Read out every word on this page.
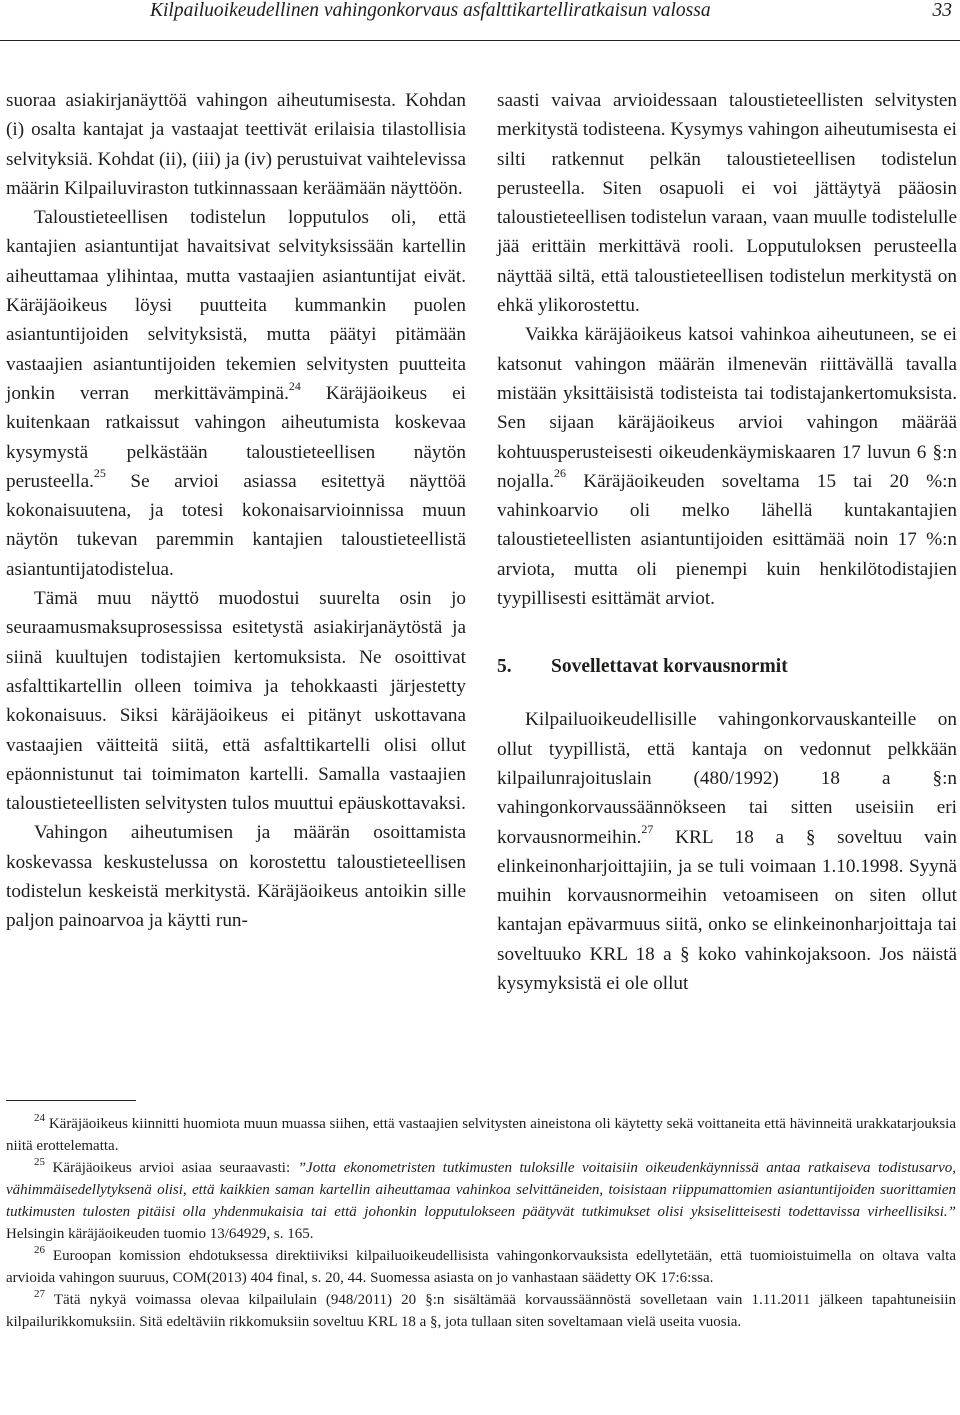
Kilpailuoikeudellinen vahingonkorvaus asfalttikartelliratkaisun valossa	33

suoraa asiakirjanäyttöä vahingon aiheutumisesta. Kohdan (i) osalta kantajat ja vastaajat teettivät erilaisia tilastollisia selvityksiä. Kohdat (ii), (iii) ja (iv) perustuivat vaihtelevissa määrin Kilpailuviraston tutkinnassaan keräämään näyttöön.

Taloustieteellisen todistelun lopputulos oli, että kantajien asiantuntijat havaitsivat selvityksissään kartellin aiheuttamaa ylihintaa, mutta vastaajien asiantuntijat eivät. Käräjäoikeus löysi puutteita kummankin puolen asiantuntijoiden selvityksistä, mutta päätyi pitämään vastaajien asiantuntijoiden tekemien selvitysten puutteita jonkin verran merkittävämpinä.$^{24}$ Käräjäoikeus ei kuitenkaan ratkaissut vahingon aiheutumista koskevaa kysymystä pelkästään taloustieteellisen näytön perusteella.$^{25}$ Se arvioi asiassa esitettyä näyttöä kokonaisuutena, ja totesi kokonaisarvioinnissa muun näytön tukevan paremmin kantajien taloustieteellistä asiantuntijatodistelua.

Tämä muu näyttö muodostui suurelta osin jo seuraamusmaksuprosessissa esitetystä asiakirjanäytöstä ja siinä kuultujen todistajien kertomuksista. Ne osoittivat asfalttikartellin olleen toimiva ja tehokkaasti järjestetty kokonaisuus. Siksi käräjäoikeus ei pitänyt uskottavana vastaajien väitteitä siitä, että asfalttikartelli olisi ollut epäonnistunut tai toimimaton kartelli. Samalla vastaajien taloustieteellisten selvitysten tulos muuttui epäuskottavaksi.

Vahingon aiheutumisen ja määrän osoittamista koskevassa keskustelussa on korostettu taloustieteellisen todistelun keskeistä merkitystä. Käräjäoikeus antoikin sille paljon painoarvoa ja käytti run-

saasti vaivaa arvioidessaan taloustieteellisten selvitysten merkitystä todisteena. Kysymys vahingon aiheutumisesta ei silti ratkennut pelkän taloustieteellisen todistelun perusteella. Siten osapuoli ei voi jättäytyä pääosin taloustieteellisen todistelun varaan, vaan muulle todistelulle jää erittäin merkittävä rooli. Lopputuloksen perusteella näyttää siltä, että taloustieteellisen todistelun merkitystä on ehkä ylikorostettu.

Vaikka käräjäoikeus katsoi vahinkoa aiheutuneen, se ei katsonut vahingon määrän ilmenevän riittävällä tavalla mistään yksittäisistä todisteista tai todistajankertomuksista. Sen sijaan käräjäoikeus arvioi vahingon määrää kohtuusperusteisesti oikeudenkäymiskaaren 17 luvun 6 §:n nojalla.$^{26}$ Käräjäoikeuden soveltama 15 tai 20 %:n vahinkoarvio oli melko lähellä kuntakantajien taloustieteellisten asiantuntijoiden esittämää noin 17 %:n arviota, mutta oli pienempi kuin henkilötodistajien tyypillisesti esittämät arviot.

5. Sovellettavat korvausnormit

Kilpailuoikeudellisille vahingonkorvauskanteille on ollut tyypillistä, että kantaja on vedonnut pelkkään kilpailunrajoituslain (480/1992) 18 a §:n vahingonkorvaussäännökseen tai sitten useisiin eri korvausnormeihin.$^{27}$ KRL 18 a § soveltuu vain elinkeinonharjoittajiin, ja se tuli voimaan 1.10.1998. Syynä muihin korvausnormeihin vetoamiseen on siten ollut kantajan epävarmuus siitä, onko se elinkeinonharjoittaja tai soveltuuko KRL 18 a § koko vahinkojaksoon. Jos näistä kysymyksistä ei ole ollut

$^{24}$ Käräjäoikeus kiinnitti huomiota muun muassa siihen, että vastaajien selvitysten aineistona oli käytetty sekä voittaneita että hävinneitä urakkatarjouksia niitä erottelematta.

$^{25}$ Käräjäoikeus arvioi asiaa seuraavasti: ”Jotta ekonometristen tutkimusten tuloksille voitaisiin oikeudenkäynnissä antaa ratkaiseva todistusarvo, vähimmäisedellytyksenä olisi, että kaikkien saman kartellin aiheuttamaa vahinkoa selvittäneiden, toisistaan riippumattomien asiantuntijoiden suorittamien tutkimusten tulosten pitäisi olla yhdenmukaisia tai että johonkin lopputulokseen päätyvät tutkimukset olisi yksiselitteisesti todettavissa virheellisiksi.” Helsingin käräjäoikeuden tuomio 13/64929, s. 165.

$^{26}$ Euroopan komission ehdotuksessa direktiiviksi kilpailuoikeudellisista vahingonkorvauksista edellytetään, että tuomioistuimella on oltava valta arvioida vahingon suuruus, COM(2013) 404 final, s. 20, 44. Suomessa asiasta on jo vanhastaan säädetty OK 17:6:ssa.

$^{27}$ Tätä nykyä voimassa olevaa kilpailulain (948/2011) 20 §:n sisältämää korvaussäännöstä sovelletaan vain 1.11.2011 jälkeen tapahtuneisiin kilpailurikkomuksiin. Sitä edeltäviin rikkomuksiin soveltuu KRL 18 a §, jota tullaan siten soveltamaan vielä useita vuosia.
